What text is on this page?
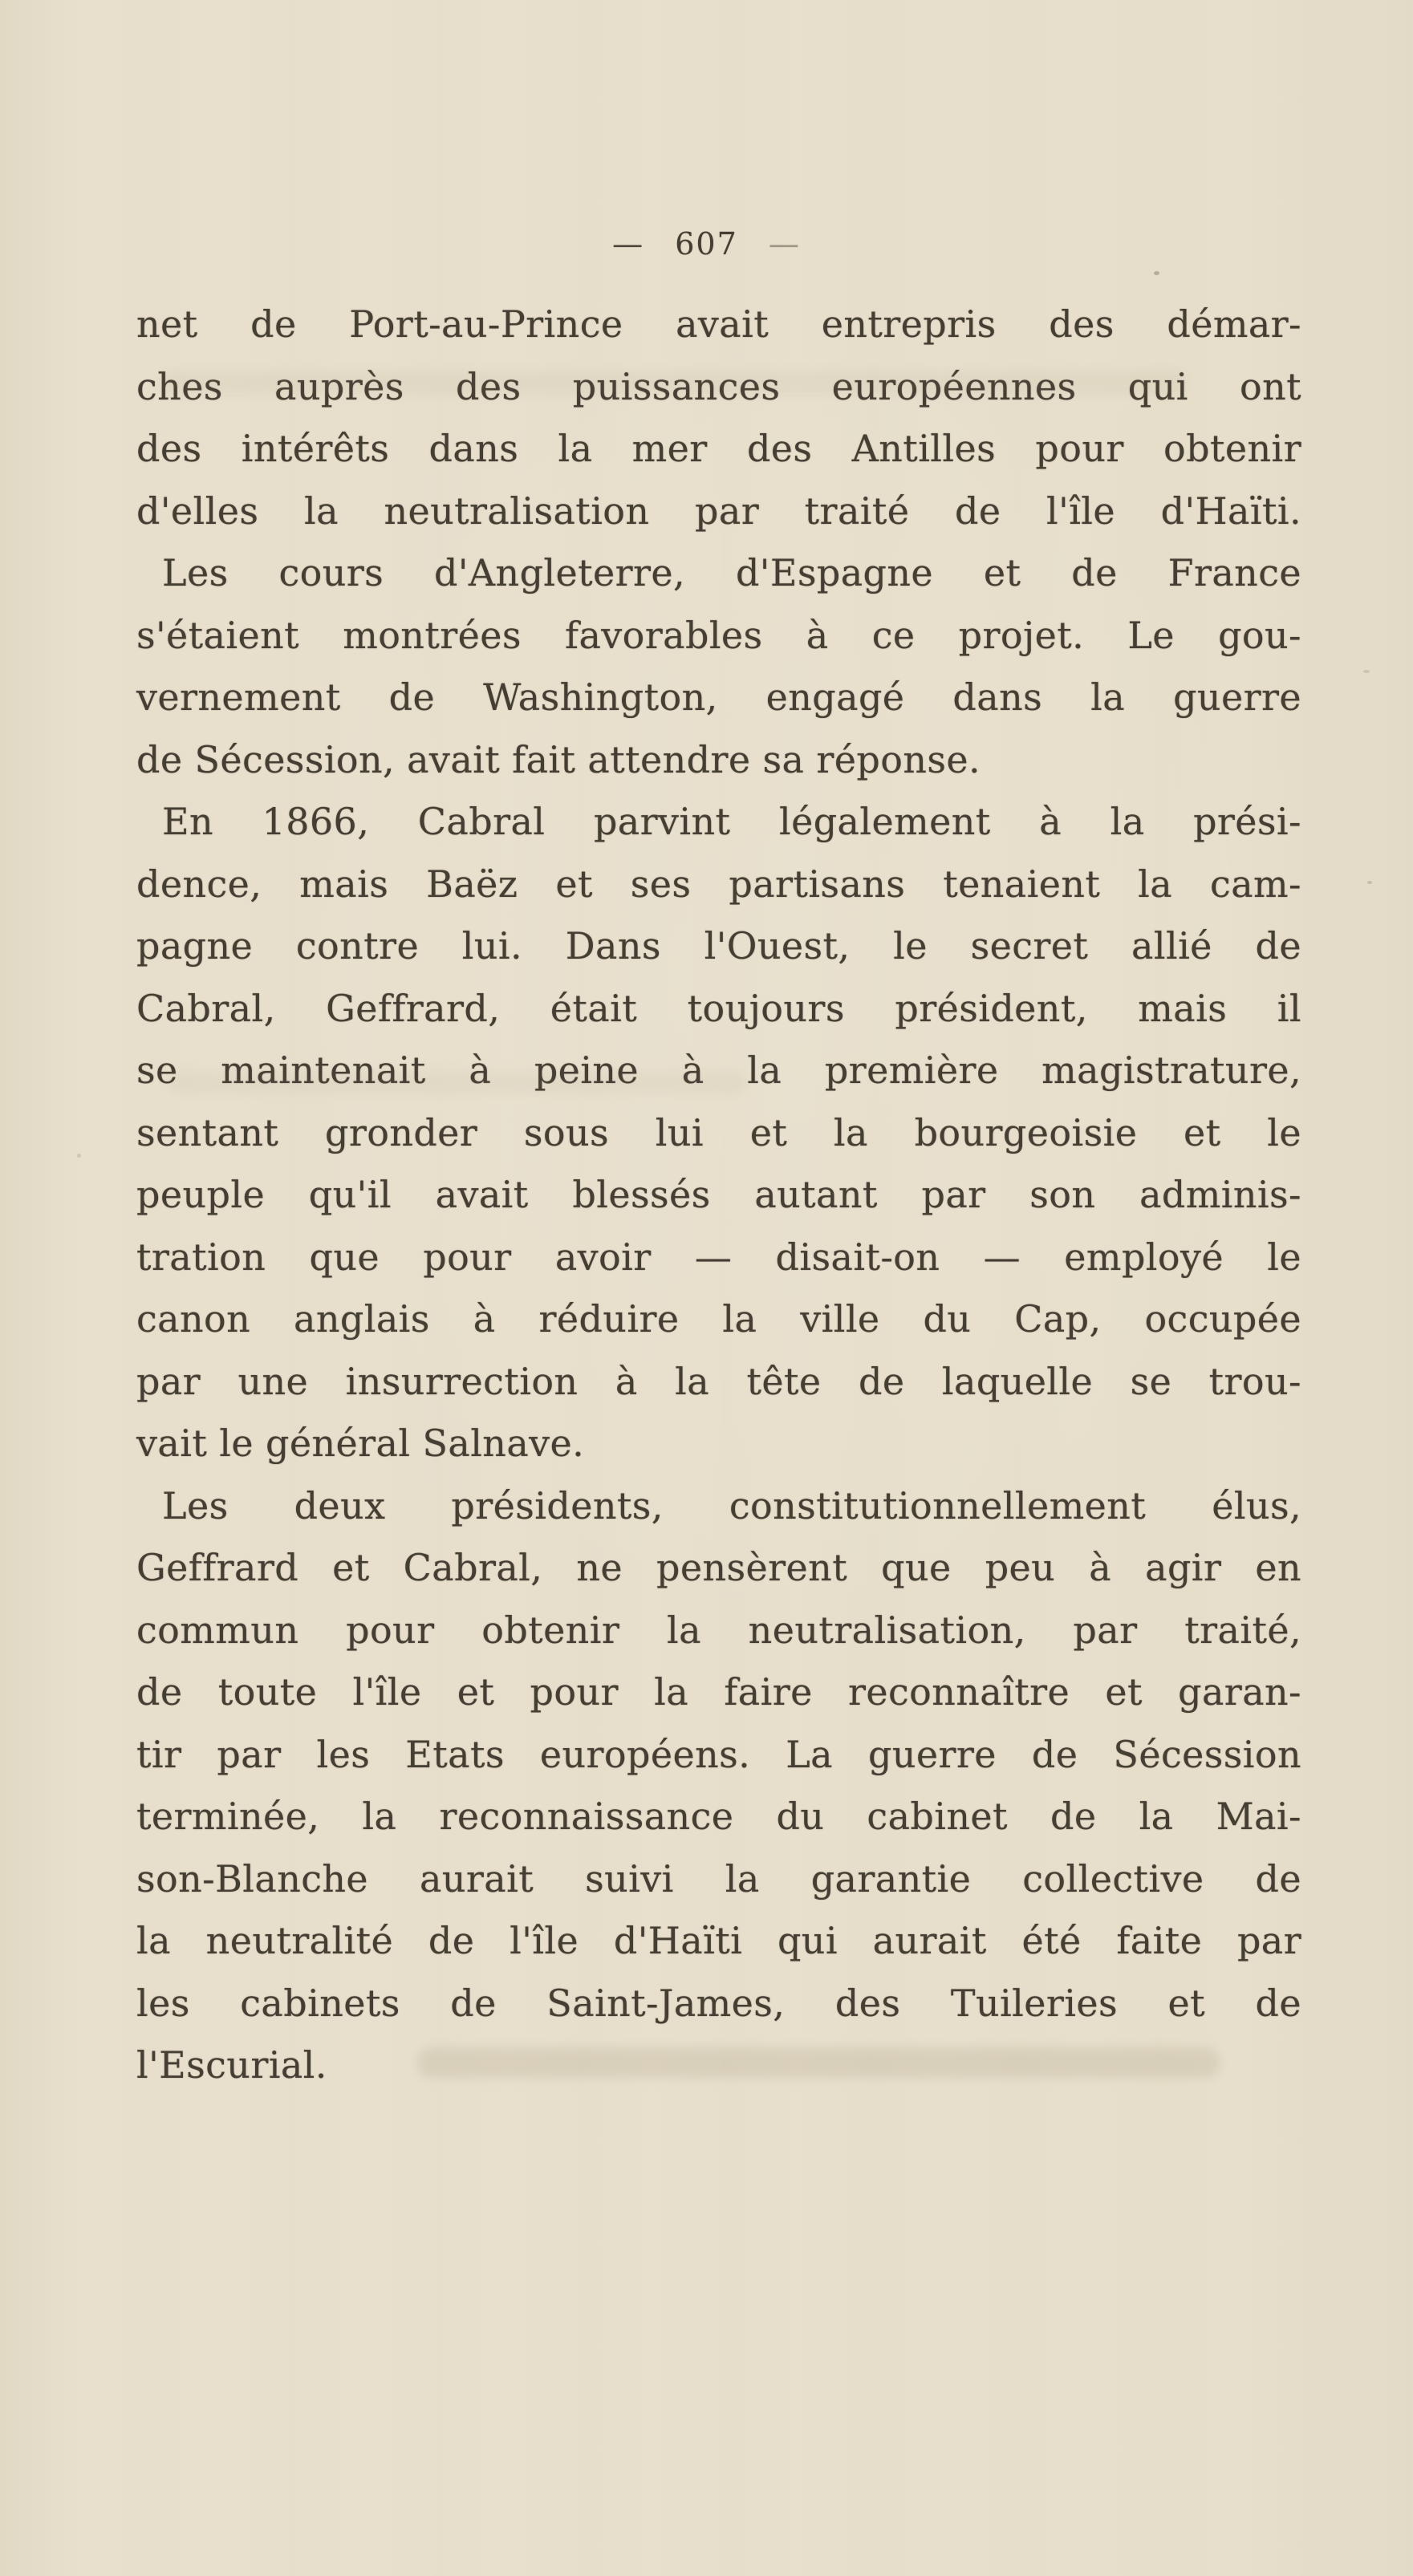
— 607 —
net de Port-au-Prince avait entrepris des démar-
ches auprès des puissances européennes qui ont
des intérêts dans la mer des Antilles pour obtenir
d'elles la neutralisation par traité de l'île d'Haïti.
Les cours d'Angleterre, d'Espagne et de France
s'étaient montrées favorables à ce projet. Le gou-
vernement de Washington, engagé dans la guerre
de Sécession, avait fait attendre sa réponse.
En 1866, Cabral parvint légalement à la prési-
dence, mais Baëz et ses partisans tenaient la cam-
pagne contre lui. Dans l'Ouest, le secret allié de
Cabral, Geffrard, était toujours président, mais il
se maintenait à peine à la première magistrature,
sentant gronder sous lui et la bourgeoisie et le
peuple qu'il avait blessés autant par son adminis-
tration que pour avoir — disait-on — employé le
canon anglais à réduire la ville du Cap, occupée
par une insurrection à la tête de laquelle se trou-
vait le général Salnave.
Les deux présidents, constitutionnellement élus,
Geffrard et Cabral, ne pensèrent que peu à agir en
commun pour obtenir la neutralisation, par traité,
de toute l'île et pour la faire reconnaître et garan-
tir par les Etats européens. La guerre de Sécession
terminée, la reconnaissance du cabinet de la Mai-
son-Blanche aurait suivi la garantie collective de
la neutralité de l'île d'Haïti qui aurait été faite par
les cabinets de Saint-James, des Tuileries et de
l'Escurial.
